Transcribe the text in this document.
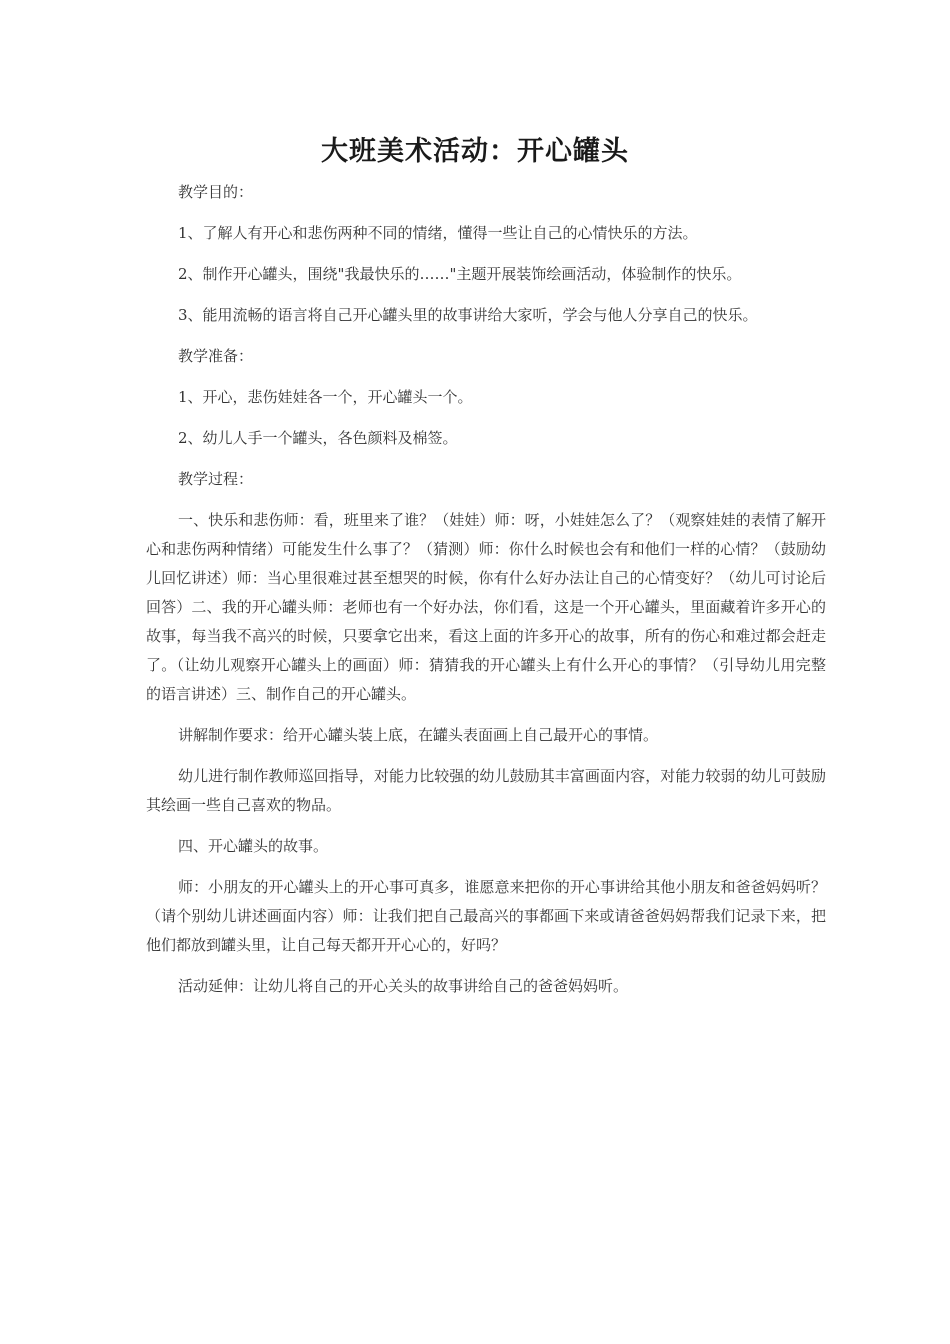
大班美术活动：开心罐头

教学目的：

1、了解人有开心和悲伤两种不同的情绪，懂得一些让自己的心情快乐的方法。

2、制作开心罐头，围绕"我最快乐的……"主题开展装饰绘画活动，体验制作的快乐。

3、能用流畅的语言将自己开心罐头里的故事讲给大家听，学会与他人分享自己的快乐。

教学准备：

1、开心，悲伤娃娃各一个，开心罐头一个。

2、幼儿人手一个罐头，各色颜料及棉签。

教学过程：

一、快乐和悲伤师：看，班里来了谁？（娃娃）师：呀，小娃娃怎么了？（观察娃娃的表情了解开心和悲伤两种情绪）可能发生什么事了？（猜测）师：你什么时候也会有和他们一样的心情？（鼓励幼儿回忆讲述）师：当心里很难过甚至想哭的时候，你有什么好办法让自己的心情变好？（幼儿可讨论后回答）二、我的开心罐头师：老师也有一个好办法，你们看，这是一个开心罐头，里面藏着许多开心的故事，每当我不高兴的时候，只要拿它出来，看这上面的许多开心的故事，所有的伤心和难过都会赶走了。（让幼儿观察开心罐头上的画面）师：猜猜我的开心罐头上有什么开心的事情？（引导幼儿用完整的语言讲述）三、制作自己的开心罐头。

讲解制作要求：给开心罐头装上底，在罐头表面画上自己最开心的事情。

幼儿进行制作教师巡回指导，对能力比较强的幼儿鼓励其丰富画面内容，对能力较弱的幼儿可鼓励其绘画一些自己喜欢的物品。

四、开心罐头的故事。

师：小朋友的开心罐头上的开心事可真多，谁愿意来把你的开心事讲给其他小朋友和爸爸妈妈听？（请个别幼儿讲述画面内容）师：让我们把自己最高兴的事都画下来或请爸爸妈妈帮我们记录下来，把他们都放到罐头里，让自己每天都开开心心的，好吗？

活动延伸：让幼儿将自己的开心关头的故事讲给自己的爸爸妈妈听。
